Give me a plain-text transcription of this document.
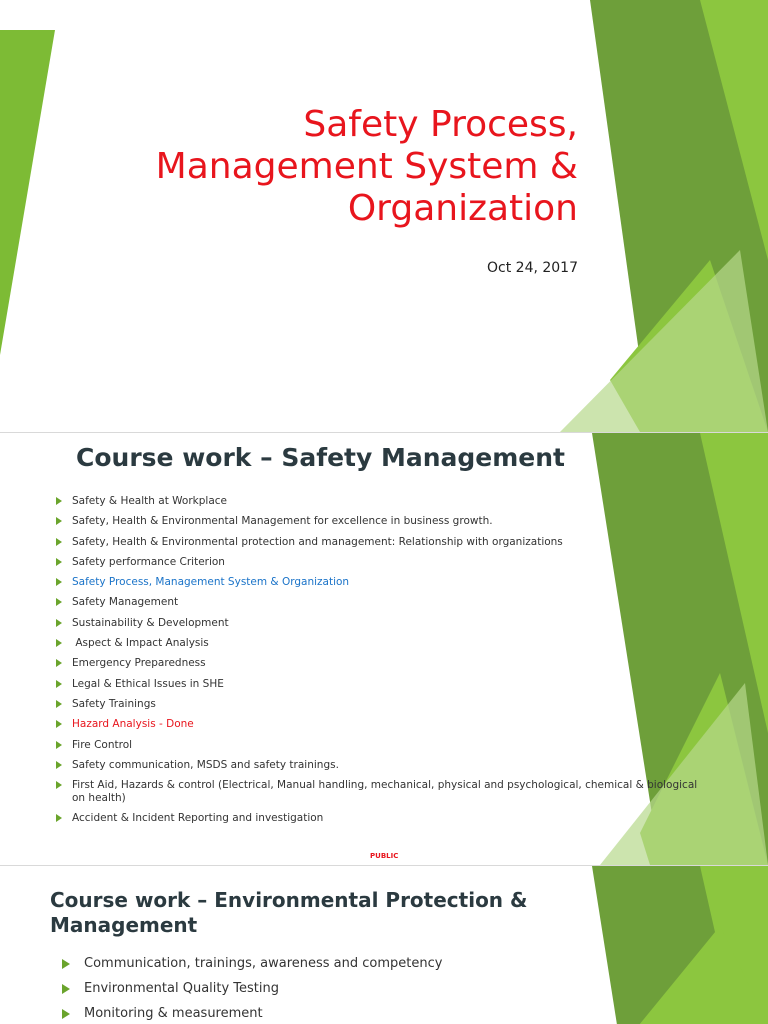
Safety Process,
Management System &
Organization
Oct 24, 2017
Course work – Safety Management
Safety & Health at Workplace
Safety, Health & Environmental Management for excellence in business growth.
Safety, Health & Environmental protection and management: Relationship with organizations
Safety performance Criterion
Safety Process, Management System & Organization
Safety Management
Sustainability & Development
Aspect & Impact Analysis
Emergency Preparedness
Legal & Ethical Issues in SHE
Safety Trainings
Hazard Analysis - Done
Fire Control
Safety communication, MSDS and safety trainings.
First Aid, Hazards & control (Electrical, Manual handling, mechanical, physical and psychological, chemical & biological on health)
Accident & Incident Reporting and investigation
PUBLIC
Course work – Environmental Protection & Management
Communication, trainings, awareness and competency
Environmental Quality Testing
Monitoring & measurement
